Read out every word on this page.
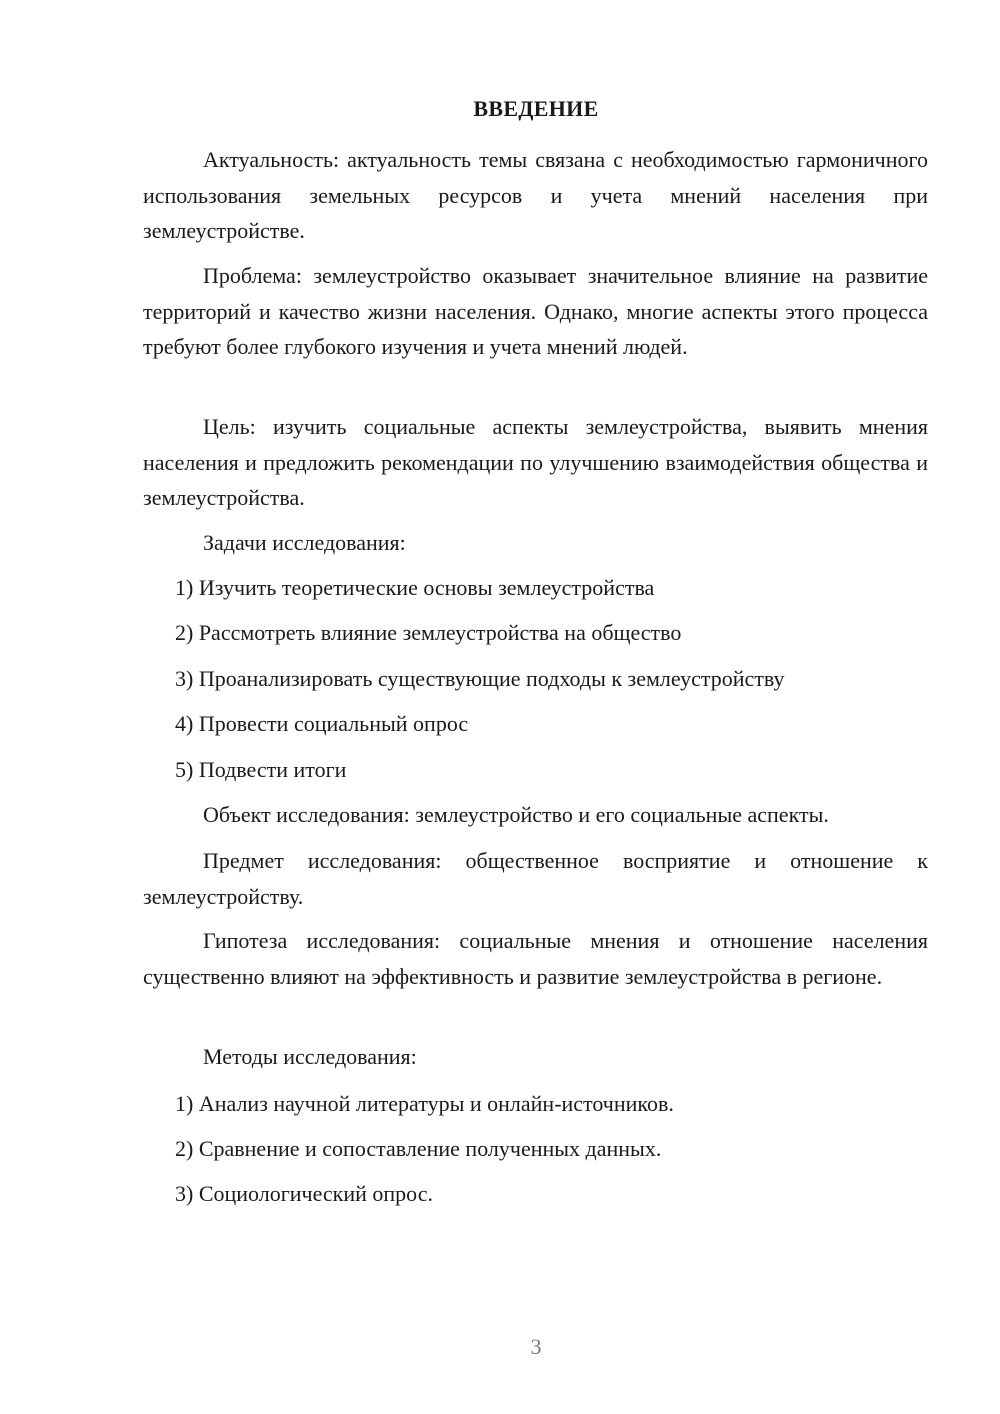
ВВЕДЕНИЕ

Актуальность: актуальность темы связана с необходимостью гармоничного использования земельных ресурсов и учета мнений населения при землеустройстве.

Проблема: землеустройство оказывает значительное влияние на развитие территорий и качество жизни населения. Однако, многие аспекты этого процесса требуют более глубокого изучения и учета мнений людей.

Цель: изучить социальные аспекты землеустройства, выявить мнения населения и предложить рекомендации по улучшению взаимодействия общества и землеустройства.

Задачи исследования:

1) Изучить теоретические основы землеустройства
2) Рассмотреть влияние землеустройства на общество
3) Проанализировать существующие подходы к землеустройству
4) Провести социальный опрос
5) Подвести итоги

Объект исследования: землеустройство и его социальные аспекты.

Предмет исследования: общественное восприятие и отношение к землеустройству.

Гипотеза исследования: социальные мнения и отношение населения существенно влияют на эффективность и развитие землеустройства в регионе.

Методы исследования:

1) Анализ научной литературы и онлайн-источников.
2) Сравнение и сопоставление полученных данных.
3) Социологический опрос.
3
